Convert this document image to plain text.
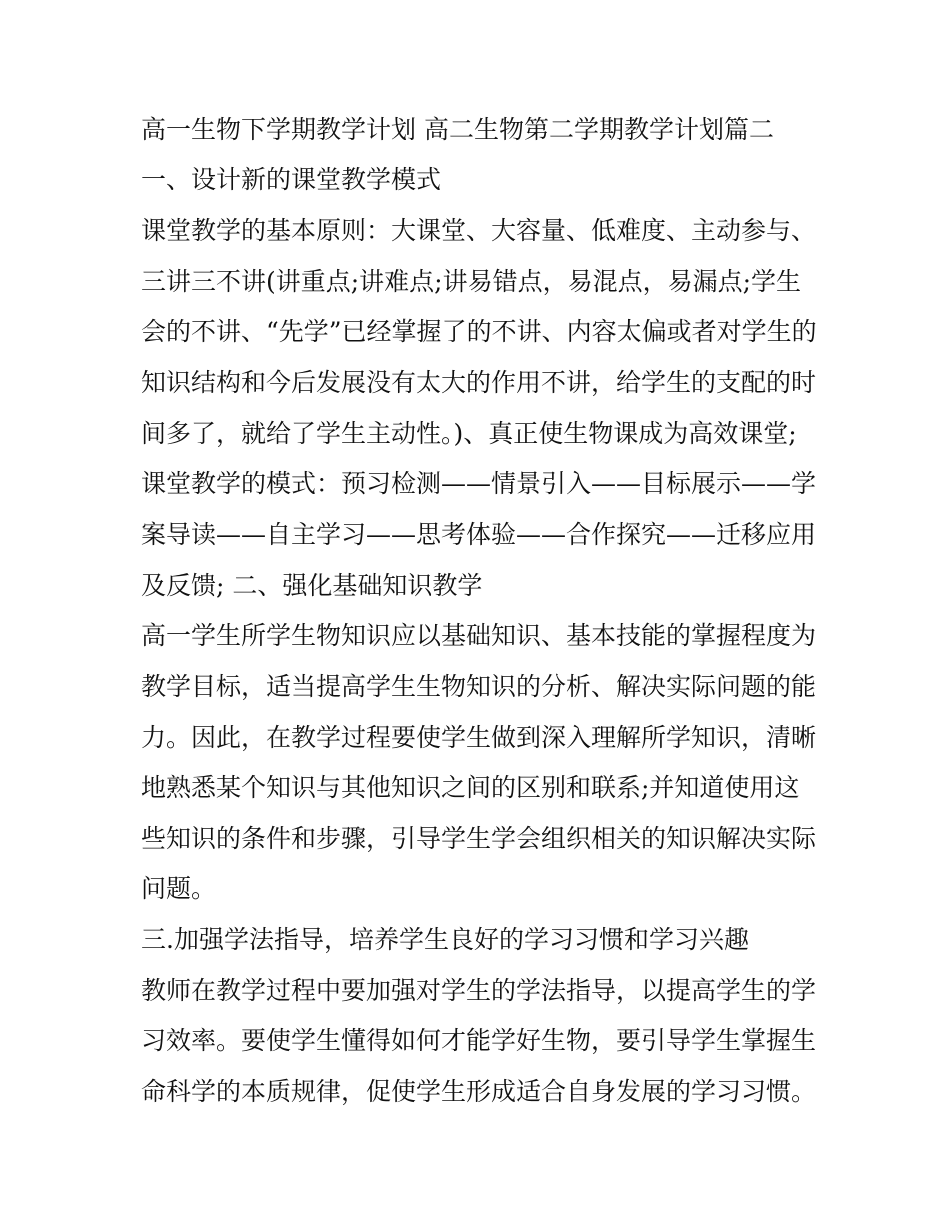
高一生物下学期教学计划 高二生物第二学期教学计划篇二
一、设计新的课堂教学模式
课堂教学的基本原则：大课堂、大容量、低难度、主动参与、
三讲三不讲(讲重点;讲难点;讲易错点，易混点，易漏点;学生
会的不讲、“先学”已经掌握了的不讲、内容太偏或者对学生的
知识结构和今后发展没有太大的作用不讲，给学生的支配的时
间多了，就给了学生主动性。)、真正使生物课成为高效课堂;
课堂教学的模式：预习检测——情景引入——目标展示——学
案导读——自主学习——思考体验——合作探究——迁移应用
及反馈; 二、强化基础知识教学
高一学生所学生物知识应以基础知识、基本技能的掌握程度为
教学目标，适当提高学生生物知识的分析、解决实际问题的能
力。因此，在教学过程要使学生做到深入理解所学知识，清晰
地熟悉某个知识与其他知识之间的区别和联系;并知道使用这
些知识的条件和步骤，引导学生学会组织相关的知识解决实际
问题。
三.加强学法指导，培养学生良好的学习习惯和学习兴趣
教师在教学过程中要加强对学生的学法指导，以提高学生的学
习效率。要使学生懂得如何才能学好生物，要引导学生掌握生
命科学的本质规律，促使学生形成适合自身发展的学习习惯。
